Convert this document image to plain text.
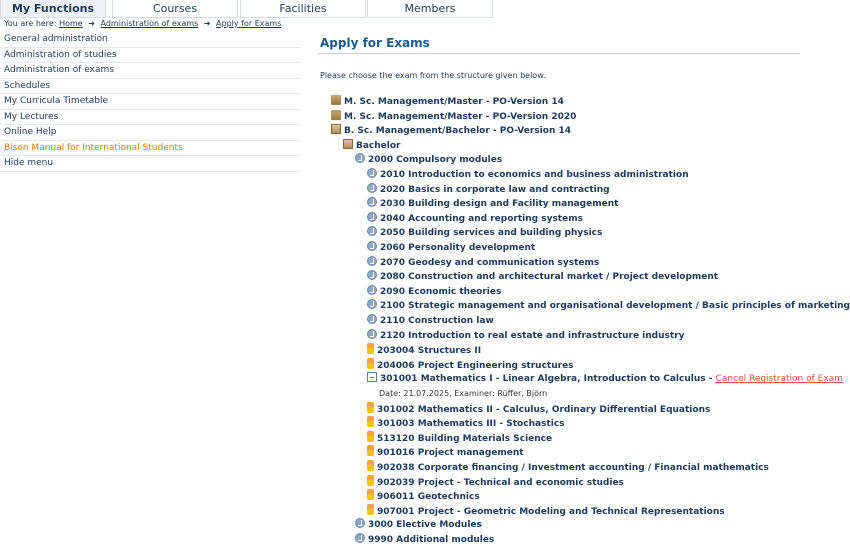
My Functions	Courses	Facilities	Members
You are here: Home ➜ Administration of exams ➜ Apply for Exams
General administration
Administration of studies
Administration of exams
Schedules
My Curricula Timetable
My Lectures
Online Help
Bison Manual for International Students
Hide menu
Apply for Exams
Please choose the exam from the structure given below.
M. Sc. Management/Master - PO-Version 14
M. Sc. Management/Master - PO-Version 2020
B. Sc. Management/Bachelor - PO-Version 14
Bachelor
2000 Compulsory modules
2010 Introduction to economics and business administration
2020 Basics in corporate law and contracting
2030 Building design and Facility management
2040 Accounting and reporting systems
2050 Building services and building physics
2060 Personality development
2070 Geodesy and communication systems
2080 Construction and architectural market / Project development
2090 Economic theories
2100 Strategic management and organisational development / Basic principles of marketing
2110 Construction law
2120 Introduction to real estate and infrastructure industry
203004 Structures II
204006 Project Engineering structures
301001 Mathematics I - Linear Algebra, Introduction to Calculus - Cancel Registration of Exam
Date: 21.07.2025, Examiner: Rüffer, Björn
301002 Mathematics II - Calculus, Ordinary Differential Equations
301003 Mathematics III - Stochastics
513120 Building Materials Science
901016 Project management
902038 Corporate financing / Investment accounting / Financial mathematics
902039 Project - Technical and economic studies
906011 Geotechnics
907001 Project - Geometric Modeling and Technical Representations
3000 Elective Modules
9990 Additional modules
